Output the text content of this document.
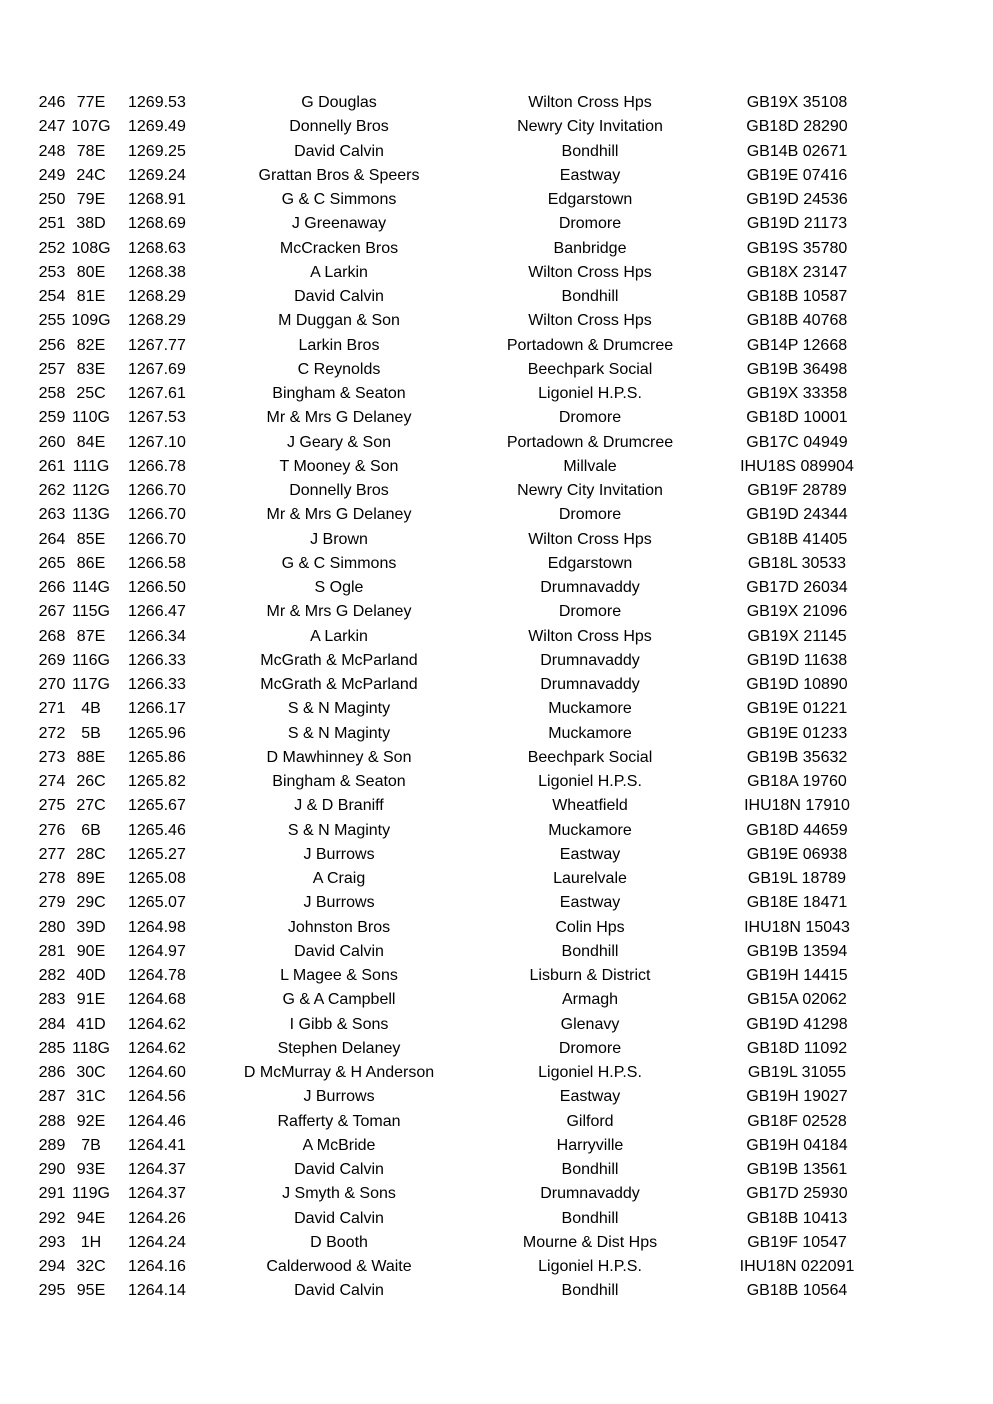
246 77E	1269.53	G Douglas	Wilton Cross Hps	GB19X 35108
247 107G 1269.49	Donnelly Bros	Newry City Invitation	GB18D 28290
248 78E	1269.25	David Calvin	Bondhill	GB14B 02671
249 24C	1269.24	Grattan Bros & Speers	Eastway	GB19E 07416
250 79E	1268.91	G & C Simmons	Edgarstown	GB19D 24536
251 38D	1268.69	J Greenaway	Dromore	GB19D 21173
252 108G 1268.63	McCracken Bros	Banbridge	GB19S 35780
253 80E	1268.38	A Larkin	Wilton Cross Hps	GB18X 23147
254 81E	1268.29	David Calvin	Bondhill	GB18B 10587
255 109G 1268.29	M Duggan & Son	Wilton Cross Hps	GB18B 40768
256 82E	1267.77	Larkin Bros	Portadown & Drumcree	GB14P 12668
257 83E	1267.69	C Reynolds	Beechpark Social	GB19B 36498
258 25C	1267.61	Bingham & Seaton	Ligoniel H.P.S.	GB19X 33358
259 110G 1267.53	Mr & Mrs G Delaney	Dromore	GB18D 10001
260 84E	1267.10	J Geary & Son	Portadown & Drumcree	GB17C 04949
261 111G 1266.78	T Mooney & Son	Millvale	IHU18S 089904
262 112G 1266.70	Donnelly Bros	Newry City Invitation	GB19F 28789
263 113G 1266.70	Mr & Mrs G Delaney	Dromore	GB19D 24344
264 85E	1266.70	J Brown	Wilton Cross Hps	GB18B 41405
265 86E	1266.58	G & C Simmons	Edgarstown	GB18L 30533
266 114G 1266.50	S Ogle	Drumnavaddy	GB17D 26034
267 115G 1266.47	Mr & Mrs G Delaney	Dromore	GB19X 21096
268 87E	1266.34	A Larkin	Wilton Cross Hps	GB19X 21145
269 116G 1266.33	McGrath & McParland	Drumnavaddy	GB19D 11638
270 117G 1266.33	McGrath & McParland	Drumnavaddy	GB19D 10890
271 4B	1266.17	S & N Maginty	Muckamore	GB19E 01221
272 5B	1265.96	S & N Maginty	Muckamore	GB19E 01233
273 88E	1265.86	D Mawhinney & Son	Beechpark Social	GB19B 35632
274 26C	1265.82	Bingham & Seaton	Ligoniel H.P.S.	GB18A 19760
275 27C	1265.67	J & D Braniff	Wheatfield	IHU18N 17910
276 6B	1265.46	S & N Maginty	Muckamore	GB18D 44659
277 28C	1265.27	J Burrows	Eastway	GB19E 06938
278 89E	1265.08	A Craig	Laurelvale	GB19L 18789
279 29C	1265.07	J Burrows	Eastway	GB18E 18471
280 39D	1264.98	Johnston Bros	Colin Hps	IHU18N 15043
281 90E	1264.97	David Calvin	Bondhill	GB19B 13594
282 40D	1264.78	L Magee & Sons	Lisburn & District	GB19H 14415
283 91E	1264.68	G & A Campbell	Armagh	GB15A 02062
284 41D	1264.62	I Gibb & Sons	Glenavy	GB19D 41298
285 118G 1264.62	Stephen Delaney	Dromore	GB18D 11092
286 30C	1264.60	D McMurray & H Anderson	Ligoniel H.P.S.	GB19L 31055
287 31C	1264.56	J Burrows	Eastway	GB19H 19027
288 92E	1264.46	Rafferty & Toman	Gilford	GB18F 02528
289 7B	1264.41	A McBride	Harryville	GB19H 04184
290 93E	1264.37	David Calvin	Bondhill	GB19B 13561
291 119G 1264.37	J Smyth & Sons	Drumnavaddy	GB17D 25930
292 94E	1264.26	David Calvin	Bondhill	GB18B 10413
293 1H	1264.24	D Booth	Mourne & Dist Hps	GB19F 10547
294 32C	1264.16	Calderwood & Waite	Ligoniel H.P.S.	IHU18N 022091
295 95E	1264.14	David Calvin	Bondhill	GB18B 10564
